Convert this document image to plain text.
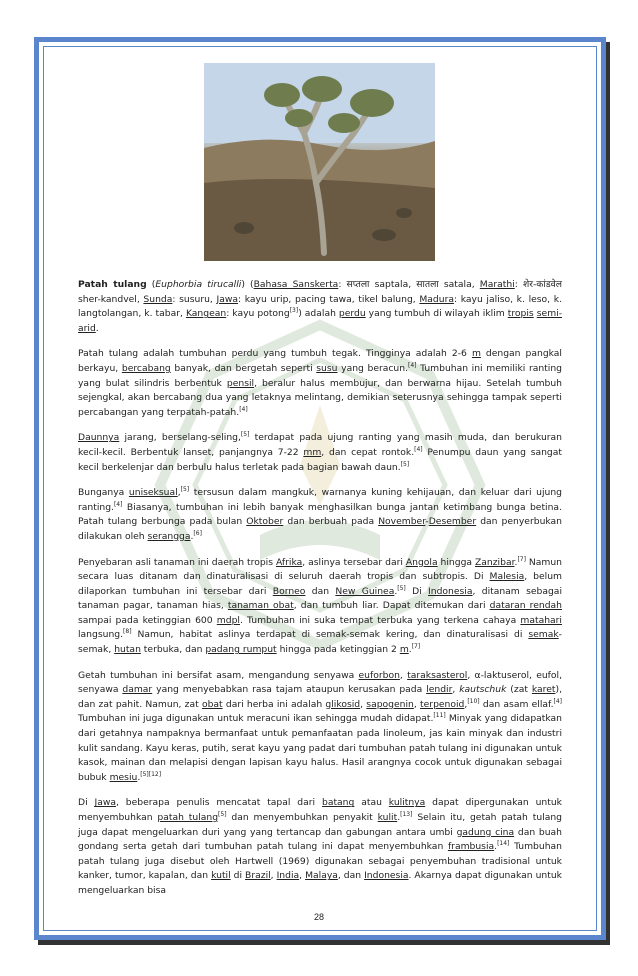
Patah tulang (Euphorbia tirucalli) (Bahasa Sanskerta: सप्तला saptala, सातला satala, Marathi: शेर-कांडवेल sher-kandvel, Sunda: susuru, Jawa: kayu urip, pacing tawa, tikel balung, Madura: kayu jaliso, k. leso, k. langtolangan, k. tabar, Kangean: kayu potong[3]) adalah perdu yang tumbuh di wilayah iklim tropis semi-arid.

Patah tulang adalah tumbuhan perdu yang tumbuh tegak. Tingginya adalah 2-6 m dengan pangkal berkayu, bercabang banyak, dan bergetah seperti susu yang beracun.[4] Tumbuhan ini memiliki ranting yang bulat silindris berbentuk pensil, beralur halus membujur, dan berwarna hijau. Setelah tumbuh sejengkal, akan bercabang dua yang letaknya melintang, demikian seterusnya sehingga tampak seperti percabangan yang terpatah-patah.[4]

Daunnya jarang, berselang-seling,[5] terdapat pada ujung ranting yang masih muda, dan berukuran kecil-kecil. Berbentuk lanset, panjangnya 7-22 mm, dan cepat rontok.[4] Penumpu daun yang sangat kecil berkelenjar dan berbulu halus terletak pada bagian bawah daun.[5]

Bunganya uniseksual,[5] tersusun dalam mangkuk, warnanya kuning kehijauan, dan keluar dari ujung ranting.[4] Biasanya, tumbuhan ini lebih banyak menghasilkan bunga jantan ketimbang bunga betina. Patah tulang berbunga pada bulan Oktober dan berbuah pada November-Desember dan penyerbukan dilakukan oleh serangga.[6]

Penyebaran asli tanaman ini daerah tropis Afrika, aslinya tersebar dari Angola hingga Zanzibar.[7] Namun secara luas ditanam dan dinaturalisasi di seluruh daerah tropis dan subtropis. Di Malesia, belum dilaporkan tumbuhan ini tersebar dari Borneo dan New Guinea.[5] Di Indonesia, ditanam sebagai tanaman pagar, tanaman hias, tanaman obat, dan tumbuh liar. Dapat ditemukan dari dataran rendah sampai pada ketinggian 600 mdpl. Tumbuhan ini suka tempat terbuka yang terkena cahaya matahari langsung.[8] Namun, habitat aslinya terdapat di semak-semak kering, dan dinaturalisasi di semak-semak, hutan terbuka, dan padang rumput hingga pada ketinggian 2 m.[7]

Getah tumbuhan ini bersifat asam, mengandung senyawa euforbon, taraksasterol, α-laktuserol, eufol, senyawa damar yang menyebabkan rasa tajam ataupun kerusakan pada lendir, kautschuk (zat karet), dan zat pahit. Namun, zat obat dari herba ini adalah glikosid, sapogenin, terpenoid,[10] dan asam ellaf.[4] Tumbuhan ini juga digunakan untuk meracuni ikan sehingga mudah didapat.[11] Minyak yang didapatkan dari getahnya nampaknya bermanfaat untuk pemanfaatan pada linoleum, jas kain minyak dan industri kulit sandang. Kayu keras, putih, serat kayu yang padat dari tumbuhan patah tulang ini digunakan untuk kasok, mainan dan melapisi dengan lapisan kayu halus. Hasil arangnya cocok untuk digunakan sebagai bubuk mesiu.[5][12]

Di Jawa, beberapa penulis mencatat tapal dari batang atau kulitnya dapat dipergunakan untuk menyembuhkan patah tulang[5] dan menyembuhkan penyakit kulit.[13] Selain itu, getah patah tulang juga dapat mengeluarkan duri yang yang tertancap dan gabungan antara umbi gadung cina dan buah gondang serta getah dari tumbuhan patah tulang ini dapat menyembuhkan frambusia.[14] Tumbuhan patah tulang juga disebut oleh Hartwell (1969) digunakan sebagai penyembuhan tradisional untuk kanker, tumor, kapalan, dan kutil di Brazil, India, Malaya, dan Indonesia. Akarnya dapat digunakan untuk mengeluarkan bisa

28
